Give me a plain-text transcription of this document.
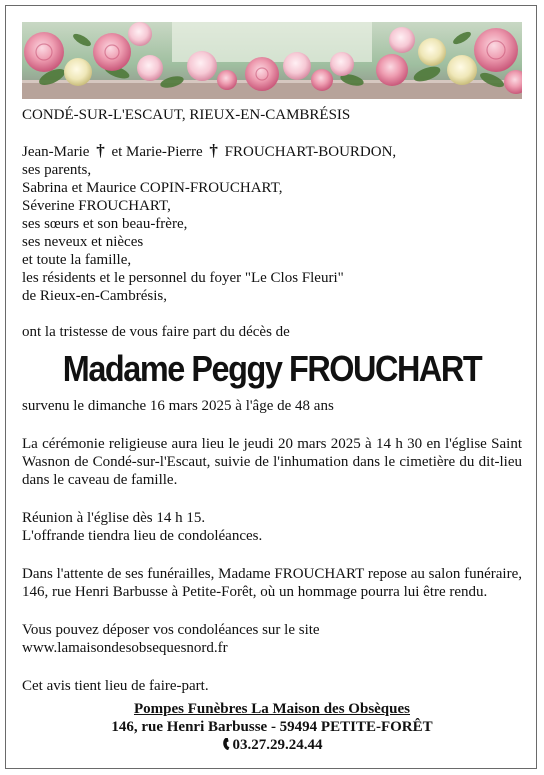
CONDÉ-SUR-L'ESCAUT, RIEUX-EN-CAMBRÉSIS

Jean-Marie † et Marie-Pierre † FROUCHART-BOURDON,

ses parents,

Sabrina et Maurice COPIN-FROUCHART,

Séverine FROUCHART,

ses sœurs et son beau-frère,

ses neveux et nièces

et toute la famille,

les résidents et le personnel du foyer "Le Clos Fleuri"

de Rieux-en-Cambrésis,

ont la tristesse de vous faire part du décès de

Madame Peggy FROUCHART

survenu le dimanche 16 mars 2025 à l'âge de 48 ans

La cérémonie religieuse aura lieu le jeudi 20 mars 2025 à 14 h 30 en l'église Saint Wasnon de Condé-sur-l'Escaut, suivie de l'inhumation dans le cimetière du dit-lieu dans le caveau de famille.

Réunion à l'église dès 14 h 15.

L'offrande tiendra lieu de condoléances.

Dans l'attente de ses funérailles, Madame FROUCHART repose au salon funéraire, 146, rue Henri Barbusse à Petite-Forêt, où un hommage pourra lui être rendu.

Vous pouvez déposer vos condoléances sur le site

www.lamaisondesobsequesnord.fr

Cet avis tient lieu de faire-part.

Pompes Funèbres La Maison des Obsèques
146, rue Henri Barbusse - 59494 PETITE-FORÊT
03.27.29.24.44
